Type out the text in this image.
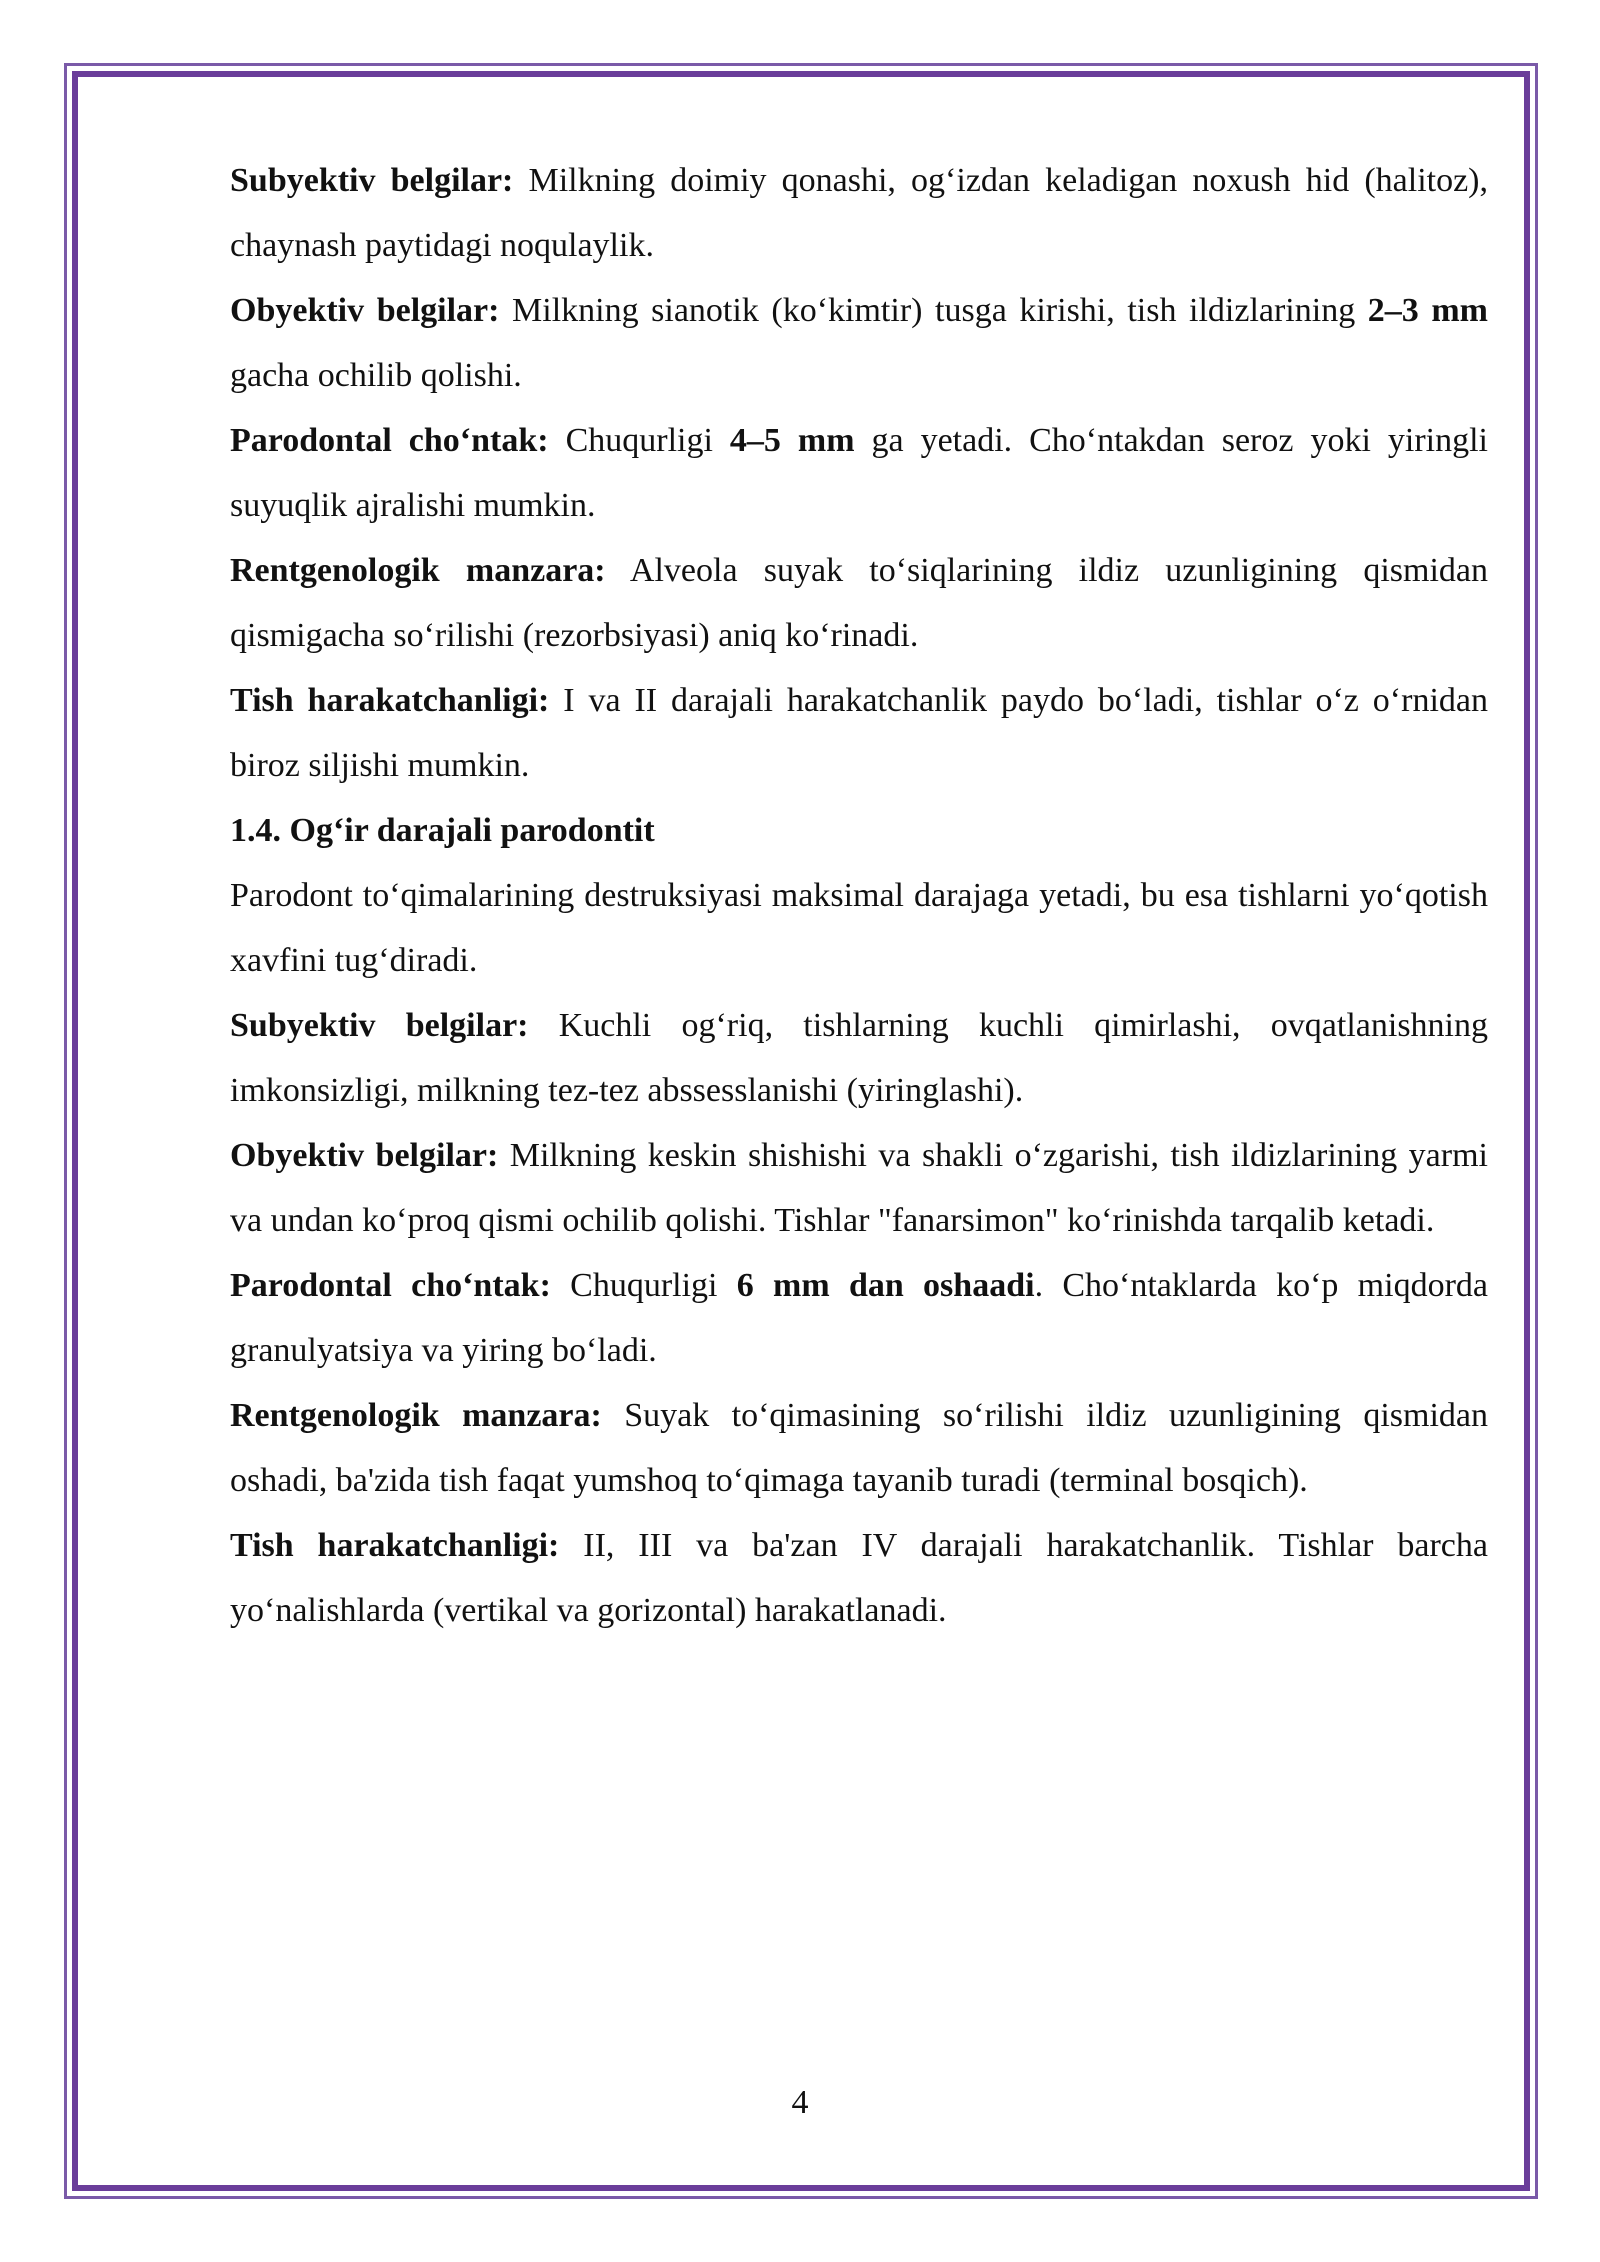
Subyektiv belgilar: Milkning doimiy qonashi, og‘izdan keladigan noxush hid (halitoz), chaynash paytidagi noqulaylik.

Obyektiv belgilar: Milkning sianotik (ko‘kimtir) tusga kirishi, tish ildizlarining 2–3 mm gacha ochilib qolishi.

Parodontal cho‘ntak: Chuqurligi 4–5 mm ga yetadi. Cho‘ntakdan seroz yoki yiringli suyuqlik ajralishi mumkin.

Rentgenologik manzara: Alveola suyak to‘siqlarining ildiz uzunligining qismidan qismigacha so‘rilishi (rezorbsiyasi) aniq ko‘rinadi.

Tish harakatchanligi: I va II darajali harakatchanlik paydo bo‘ladi, tishlar o‘z o‘rnidan biroz siljishi mumkin.

1.4. Og‘ir darajali parodontit

Parodont to‘qimalarining destruksiyasi maksimal darajaga yetadi, bu esa tishlarni yo‘qotish xavfini tug‘diradi.

Subyektiv belgilar: Kuchli og‘riq, tishlarning kuchli qimirlashi, ovqatlanishning imkonsizligi, milkning tez-tez abssesslanishi (yiringlashi).

Obyektiv belgilar: Milkning keskin shishishi va shakli o‘zgarishi, tish ildizlarining yarmi va undan ko‘proq qismi ochilib qolishi. Tishlar "fanarsimon" ko‘rinishda tarqalib ketadi.

Parodontal cho‘ntak: Chuqurligi 6 mm dan oshaadi. Cho‘ntaklarda ko‘p miqdorda granulyatsiya va yiring bo‘ladi.

Rentgenologik manzara: Suyak to‘qimasining so‘rilishi ildiz uzunligining qismidan oshadi, ba'zida tish faqat yumshoq to‘qimaga tayanib turadi (terminal bosqich).

Tish harakatchanligi: II, III va ba'zan IV darajali harakatchanlik. Tishlar barcha yo‘nalishlarda (vertikal va gorizontal) harakatlanadi.

4
